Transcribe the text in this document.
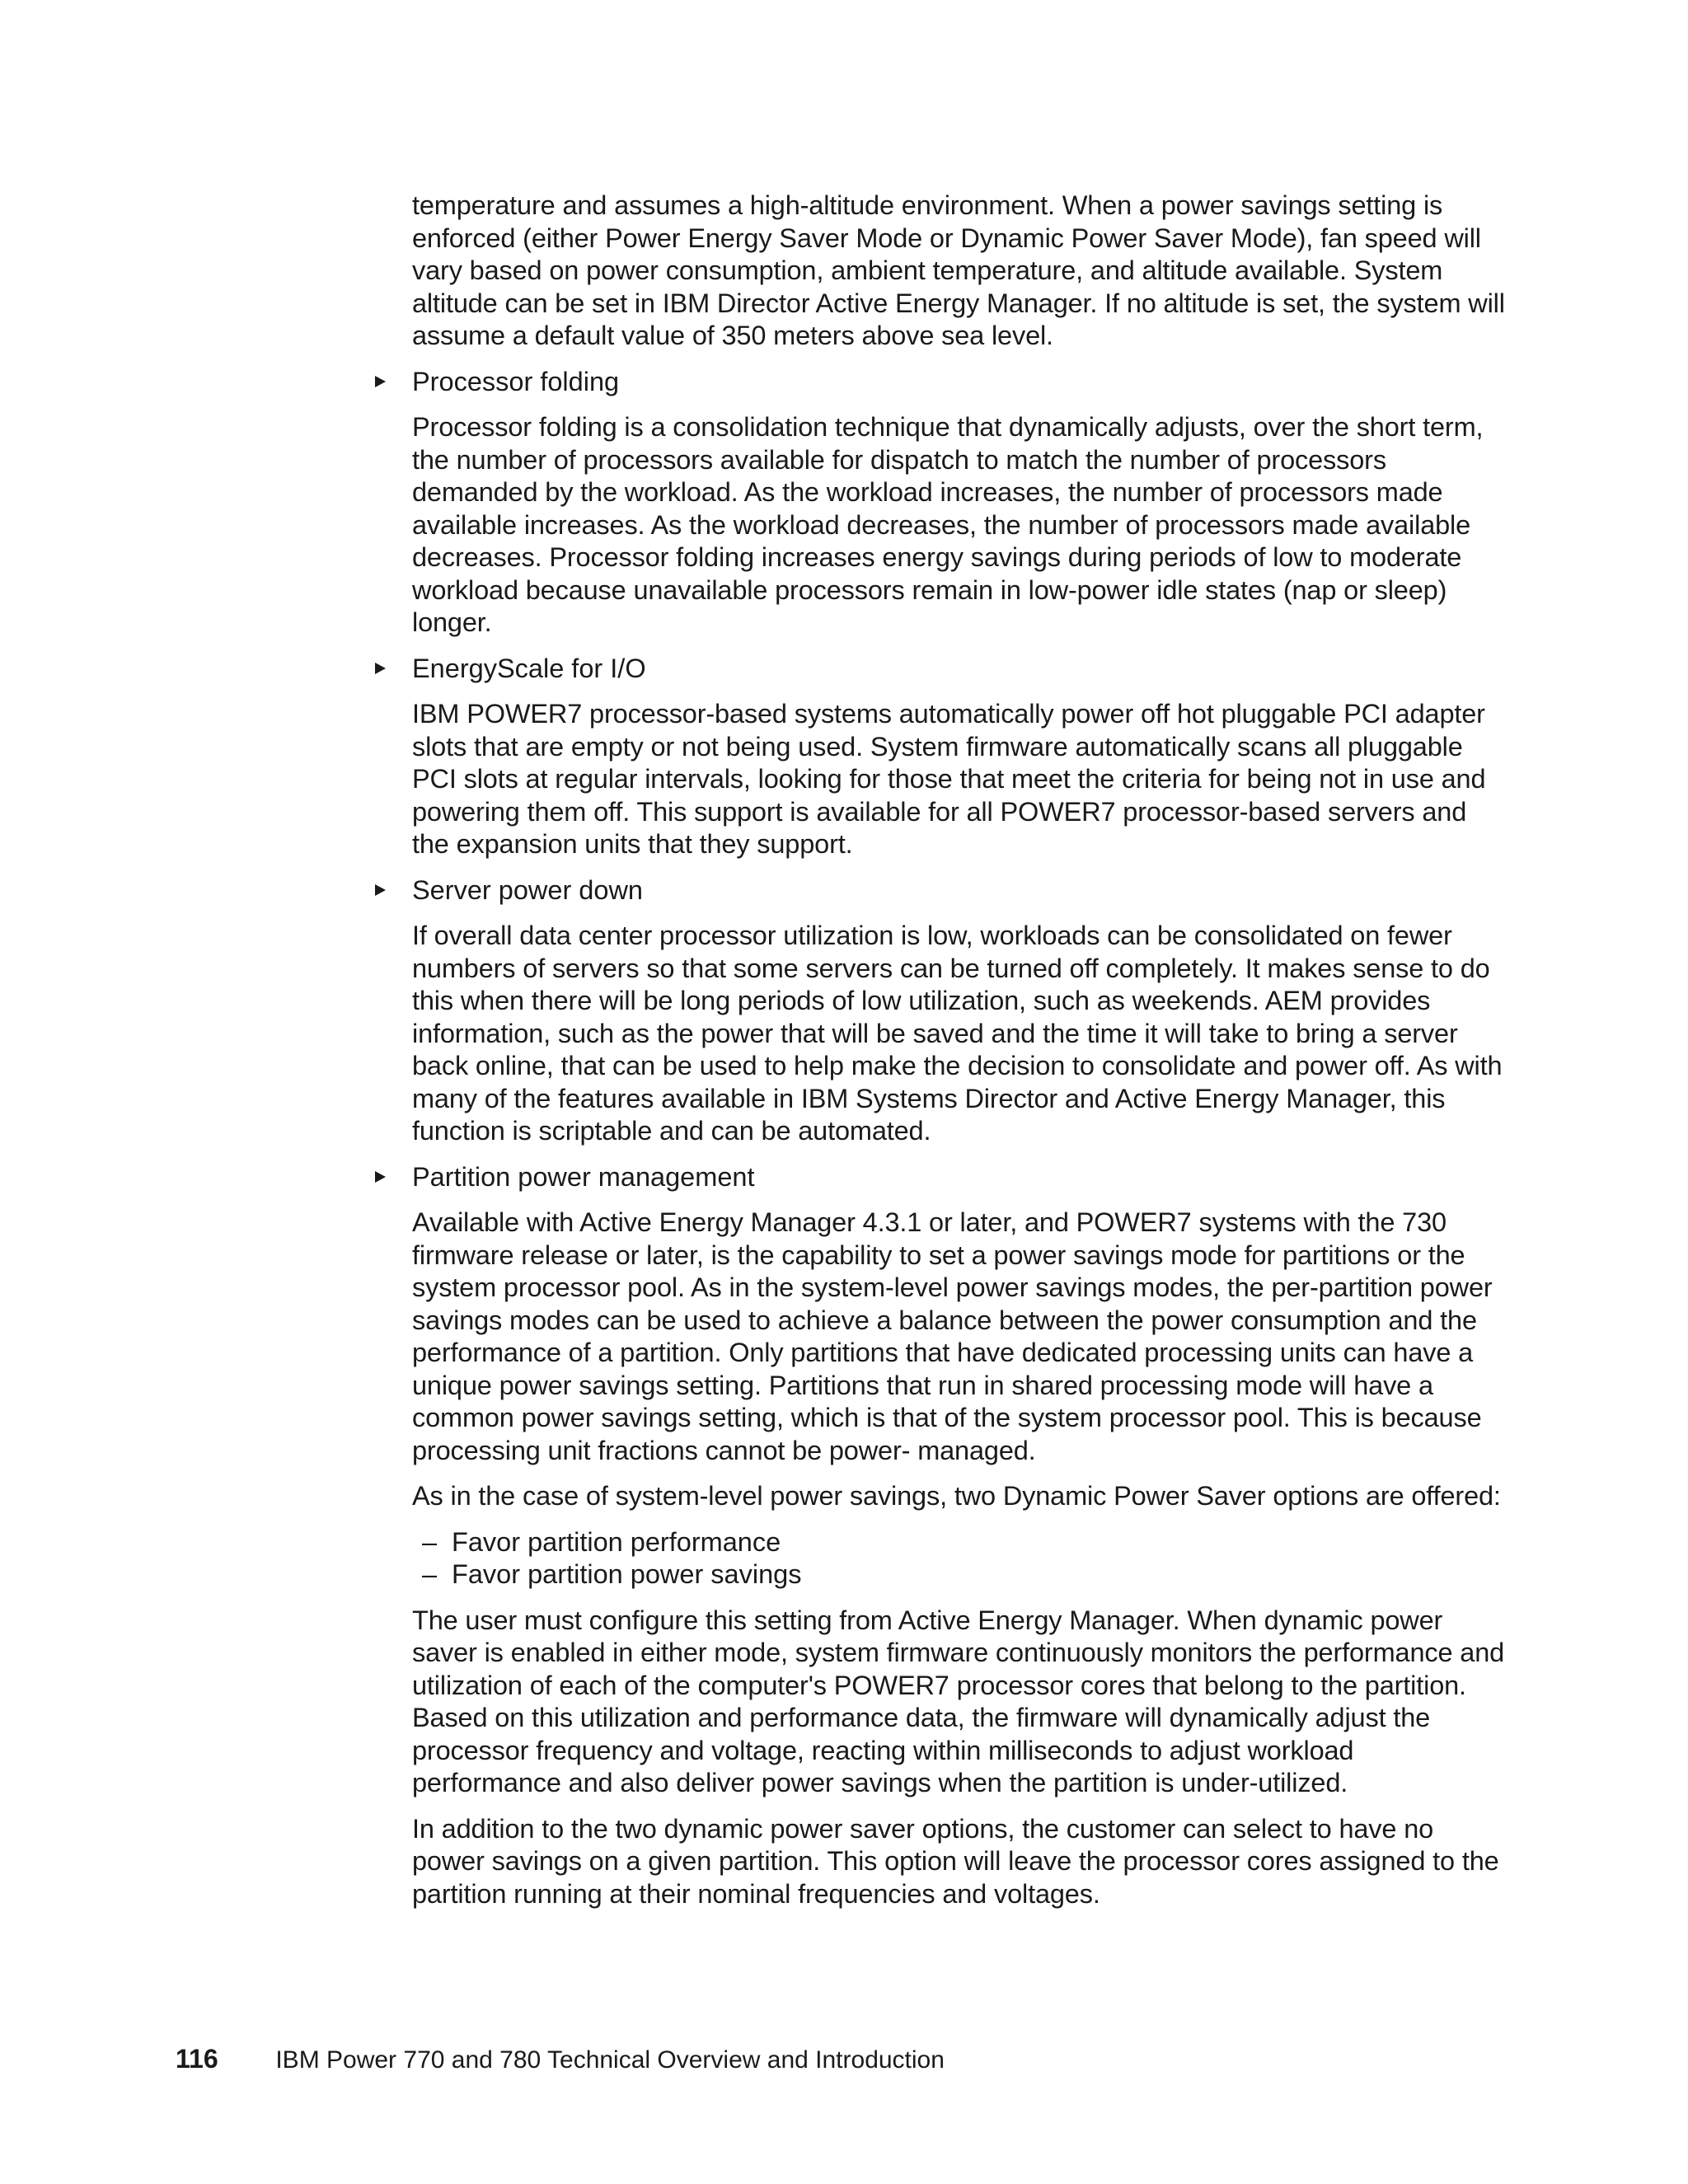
temperature and assumes a high-altitude environment. When a power savings setting is enforced (either Power Energy Saver Mode or Dynamic Power Saver Mode), fan speed will vary based on power consumption, ambient temperature, and altitude available. System altitude can be set in IBM Director Active Energy Manager. If no altitude is set, the system will assume a default value of 350 meters above sea level.

Processor folding

Processor folding is a consolidation technique that dynamically adjusts, over the short term, the number of processors available for dispatch to match the number of processors demanded by the workload. As the workload increases, the number of processors made available increases. As the workload decreases, the number of processors made available decreases. Processor folding increases energy savings during periods of low to moderate workload because unavailable processors remain in low-power idle states (nap or sleep) longer.

EnergyScale for I/O

IBM POWER7 processor-based systems automatically power off hot pluggable PCI adapter slots that are empty or not being used. System firmware automatically scans all pluggable PCI slots at regular intervals, looking for those that meet the criteria for being not in use and powering them off. This support is available for all POWER7 processor-based servers and the expansion units that they support.

Server power down

If overall data center processor utilization is low, workloads can be consolidated on fewer numbers of servers so that some servers can be turned off completely. It makes sense to do this when there will be long periods of low utilization, such as weekends. AEM provides information, such as the power that will be saved and the time it will take to bring a server back online, that can be used to help make the decision to consolidate and power off. As with many of the features available in IBM Systems Director and Active Energy Manager, this function is scriptable and can be automated.

Partition power management

Available with Active Energy Manager 4.3.1 or later, and POWER7 systems with the 730 firmware release or later, is the capability to set a power savings mode for partitions or the system processor pool. As in the system-level power savings modes, the per-partition power savings modes can be used to achieve a balance between the power consumption and the performance of a partition. Only partitions that have dedicated processing units can have a unique power savings setting. Partitions that run in shared processing mode will have a common power savings setting, which is that of the system processor pool. This is because processing unit fractions cannot be power- managed.

As in the case of system-level power savings, two Dynamic Power Saver options are offered:

– Favor partition performance
– Favor partition power savings

The user must configure this setting from Active Energy Manager. When dynamic power saver is enabled in either mode, system firmware continuously monitors the performance and utilization of each of the computer's POWER7 processor cores that belong to the partition. Based on this utilization and performance data, the firmware will dynamically adjust the processor frequency and voltage, reacting within milliseconds to adjust workload performance and also deliver power savings when the partition is under-utilized.

In addition to the two dynamic power saver options, the customer can select to have no power savings on a given partition. This option will leave the processor cores assigned to the partition running at their nominal frequencies and voltages.

116 IBM Power 770 and 780 Technical Overview and Introduction
